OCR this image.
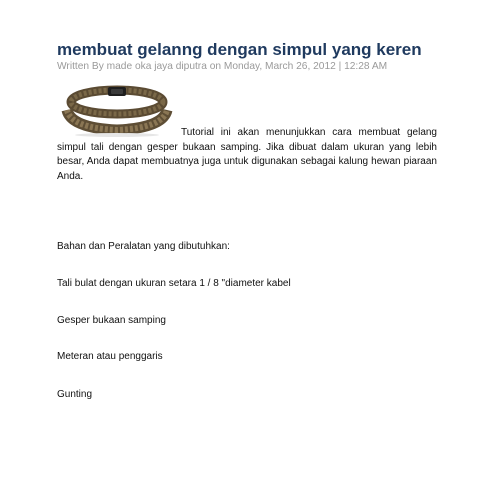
membuat gelanng dengan simpul yang keren
Written By made oka jaya diputra on Monday, March 26, 2012 | 12:28 AM
Tutorial ini akan menunjukkan cara membuat gelang simpul tali dengan gesper bukaan samping. Jika dibuat dalam ukuran yang lebih besar, Anda dapat membuatnya juga untuk digunakan sebagai kalung hewan piaraan Anda.
Bahan dan Peralatan yang dibutuhkan:
Tali bulat dengan ukuran setara 1 / 8 "diameter kabel
Gesper bukaan samping
Meteran atau penggaris
Gunting
